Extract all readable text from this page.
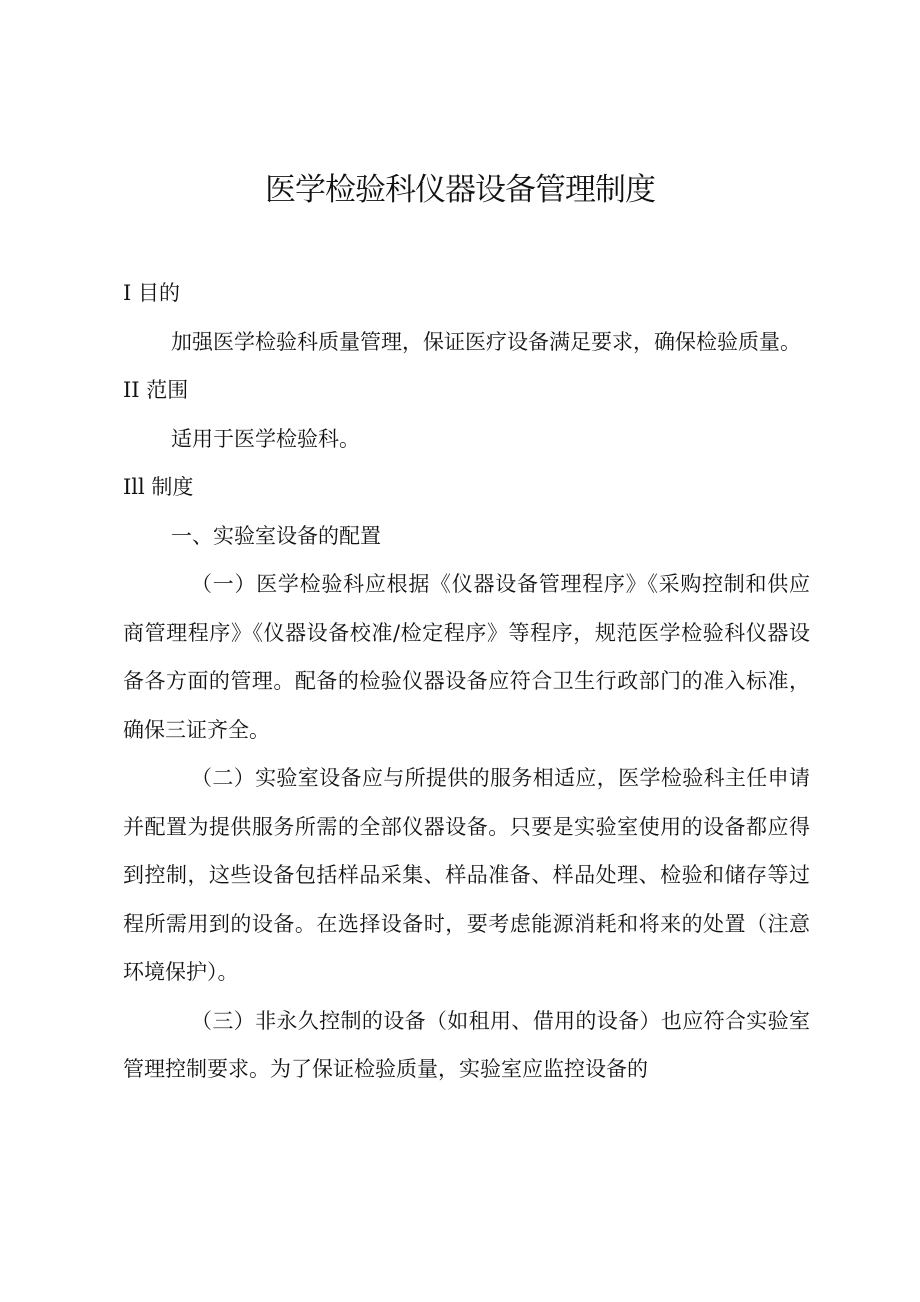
医学检验科仪器设备管理制度

I 目的

加强医学检验科质量管理，保证医疗设备满足要求，确保检验质量。

II 范围

适用于医学检验科。

Ill 制度

一、实验室设备的配置

（一）医学检验科应根据《仪器设备管理程序》《采购控制和供应商管理程序》《仪器设备校准/检定程序》等程序，规范医学检验科仪器设备各方面的管理。配备的检验仪器设备应符合卫生行政部门的准入标准，确保三证齐全。

（二）实验室设备应与所提供的服务相适应，医学检验科主任申请并配置为提供服务所需的全部仪器设备。只要是实验室使用的设备都应得到控制，这些设备包括样品采集、样品准备、样品处理、检验和储存等过程所需用到的设备。在选择设备时，要考虑能源消耗和将来的处置（注意环境保护）。

（三）非永久控制的设备（如租用、借用的设备）也应符合实验室管理控制要求。为了保证检验质量，实验室应监控设备的
